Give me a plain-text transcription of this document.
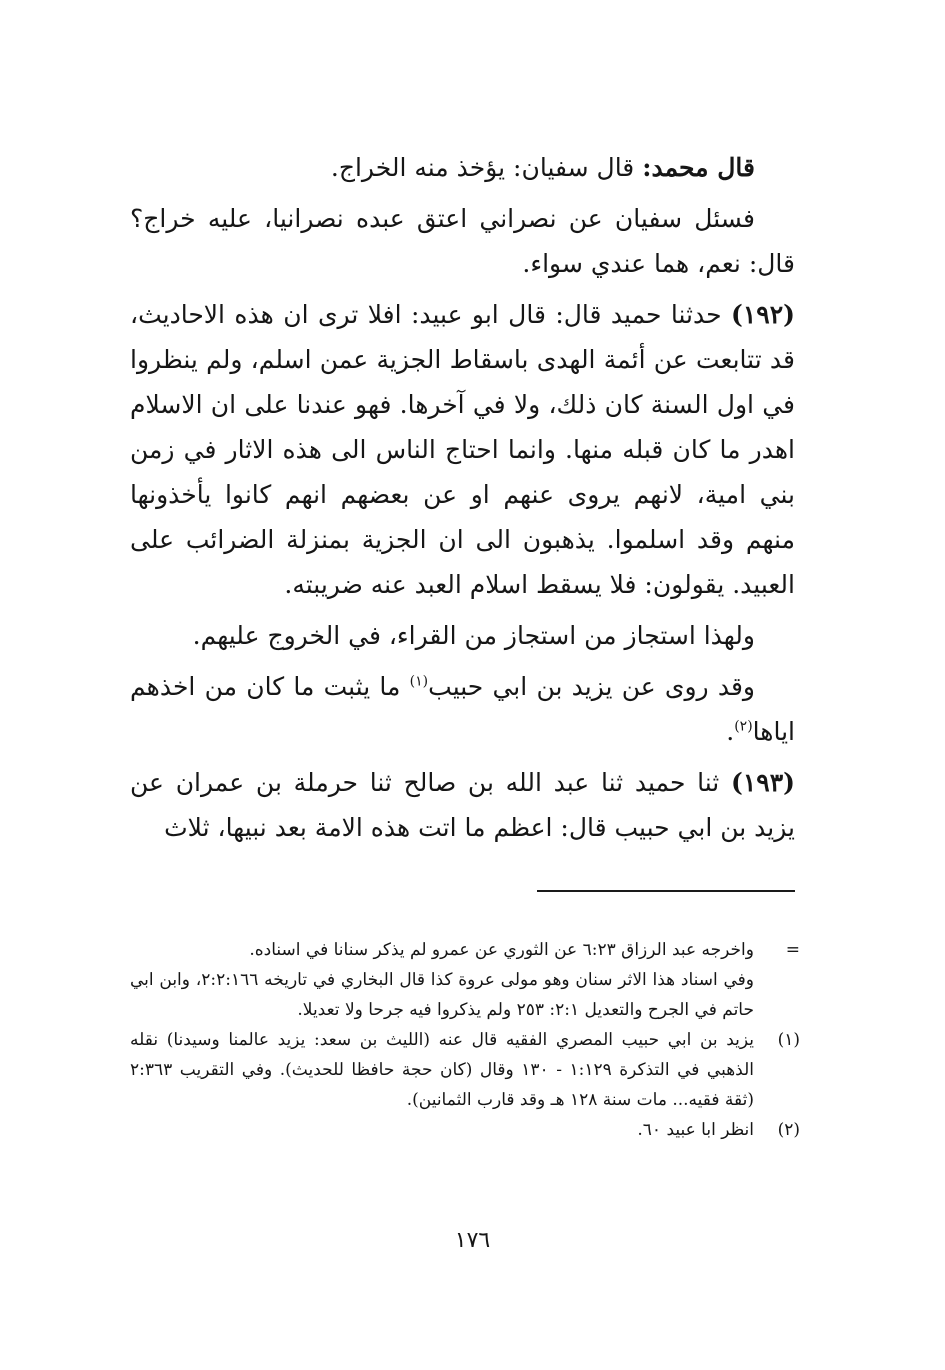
قال محمد: قال سفيان: يؤخذ منه الخراج.

فسئل سفيان عن نصراني اعتق عبده نصرانيا، عليه خراج؟ قال: نعم، هما عندي سواء.

(١٩٢) حدثنا حميد قال: قال ابو عبيد: افلا ترى ان هذه الاحاديث، قد تتابعت عن أئمة الهدى باسقاط الجزية عمن اسلم، ولم ينظروا في اول السنة كان ذلك، ولا في آخرها. فهو عندنا على ان الاسلام اهدر ما كان قبله منها. وانما احتاج الناس الى هذه الاثار في زمن بني امية، لانهم يروى عنهم او عن بعضهم انهم كانوا يأخذونها منهم وقد اسلموا. يذهبون الى ان الجزية بمنزلة الضرائب على العبيد. يقولون: فلا يسقط اسلام العبد عنه ضريبته.

ولهذا استجاز من استجاز من القراء، في الخروج عليهم.

وقد روى عن يزيد بن ابي حبيب$^{(١)}$ ما يثبت ما كان من اخذهم اياها$^{(٢)}$.

(١٩٣) ثنا حميد ثنا عبد الله بن صالح ثنا حرملة بن عمران عن يزيد بن ابي حبيب قال: اعظم ما اتت هذه الامة بعد نبيها، ثلاث

=

واخرجه عبد الرزاق ٦:٢٣ عن الثوري عن عمرو لم يذكر سنانا في اسناده.
وفي اسناد هذا الاثر سنان وهو مولى عروة كذا قال البخاري في تاريخه ٢:٢:١٦٦، وابن ابي حاتم في الجرح والتعديل ٢:١: ٢٥٣ ولم يذكروا فيه جرحا ولا تعديلا.

(١)

يزيد بن ابي حبيب المصري الفقيه قال عنه (الليث بن سعد: يزيد عالمنا وسيدنا) نقله الذهبي في التذكرة ١:١٢٩ - ١٣٠ وقال (كان حجة حافظا للحديث). وفي التقريب ٢:٣٦٣ (ثقة فقيه... مات سنة ١٢٨ هـ وقد قارب الثمانين).

(٢)

انظر ابا عبيد ٦٠.

١٧٦
